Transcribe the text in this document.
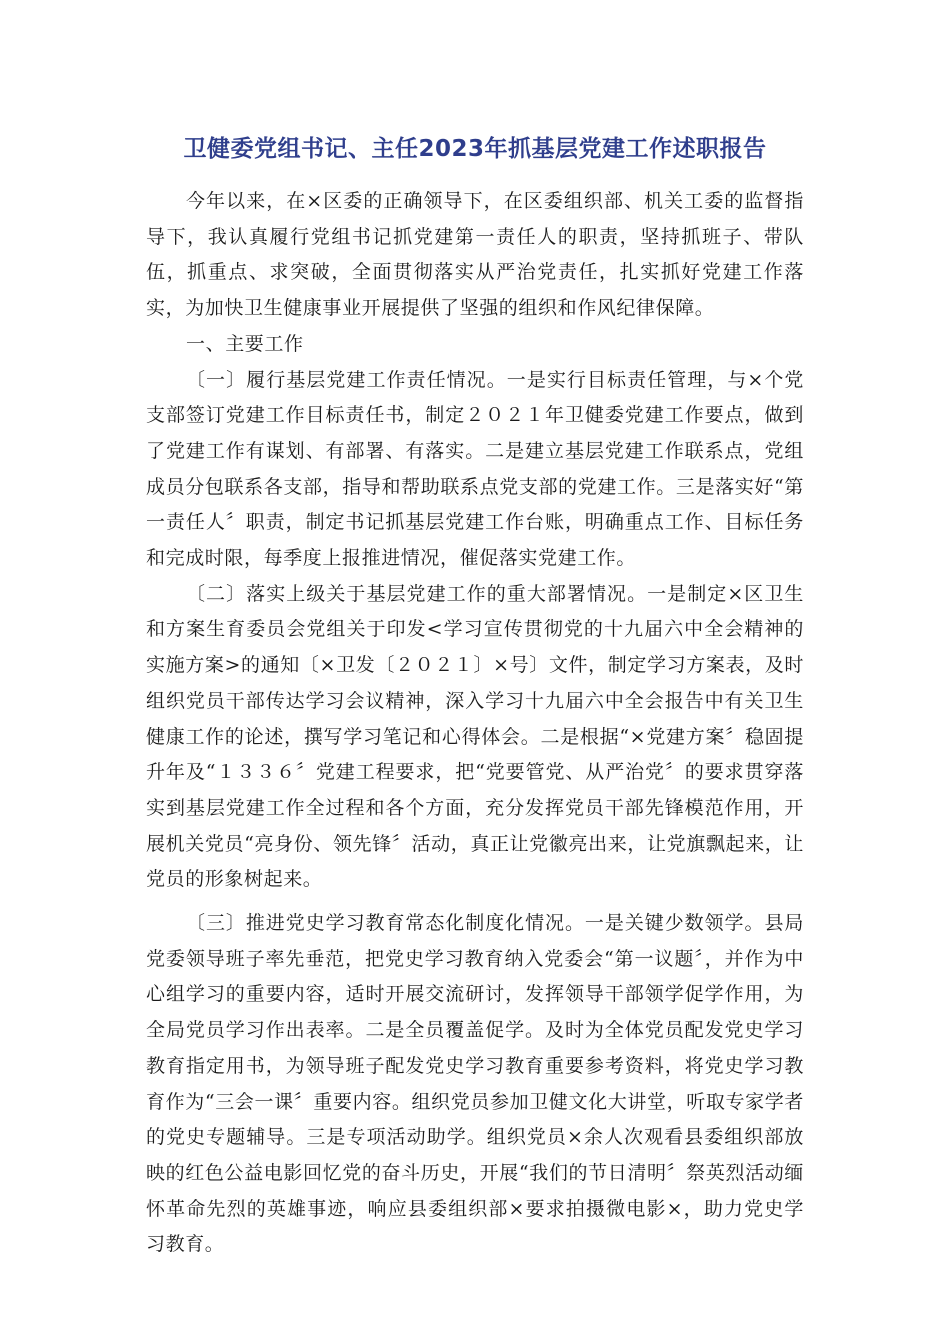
卫健委党组书记、主任2023年抓基层党建工作述职报告

今年以来，在×区委的正确领导下，在区委组织部、机关工委的监督指导下，我认真履行党组书记抓党建第一责任人的职责，坚持抓班子、带队伍，抓重点、求突破，全面贯彻落实从严治党责任，扎实抓好党建工作落实，为加快卫生健康事业开展提供了坚强的组织和作风纪律保障。

一、主要工作

〔一〕履行基层党建工作责任情况。一是实行目标责任管理，与×个党支部签订党建工作目标责任书，制定２０２１年卫健委党建工作要点，做到了党建工作有谋划、有部署、有落实。二是建立基层党建工作联系点，党组成员分包联系各支部，指导和帮助联系点党支部的党建工作。三是落实好“第一责任人〞职责，制定书记抓基层党建工作台账，明确重点工作、目标任务和完成时限，每季度上报推进情况，催促落实党建工作。

〔二〕落实上级关于基层党建工作的重大部署情况。一是制定×区卫生和方案生育委员会党组关于印发<学习宣传贯彻党的十九届六中全会精神的实施方案>的通知〔×卫发〔２０２１〕×号〕文件，制定学习方案表，及时组织党员干部传达学习会议精神，深入学习十九届六中全会报告中有关卫生健康工作的论述，撰写学习笔记和心得体会。二是根据“×党建方案〞稳固提升年及“１３３６〞党建工程要求，把“党要管党、从严治党〞的要求贯穿落实到基层党建工作全过程和各个方面，充分发挥党员干部先锋模范作用，开展机关党员“亮身份、领先锋〞活动，真正让党徽亮出来，让党旗飘起来，让党员的形象树起来。

〔三〕推进党史学习教育常态化制度化情况。一是关键少数领学。县局党委领导班子率先垂范，把党史学习教育纳入党委会“第一议题〞，并作为中心组学习的重要内容，适时开展交流研讨，发挥领导干部领学促学作用，为全局党员学习作出表率。二是全员覆盖促学。及时为全体党员配发党史学习教育指定用书，为领导班子配发党史学习教育重要参考资料，将党史学习教育作为“三会一课〞重要内容。组织党员参加卫健文化大讲堂，听取专家学者的党史专题辅导。三是专项活动助学。组织党员×余人次观看县委组织部放映的红色公益电影回忆党的奋斗历史，开展“我们的节日清明〞祭英烈活动缅怀革命先烈的英雄事迹，响应县委组织部×要求拍摄微电影×，助力党史学习教育。
